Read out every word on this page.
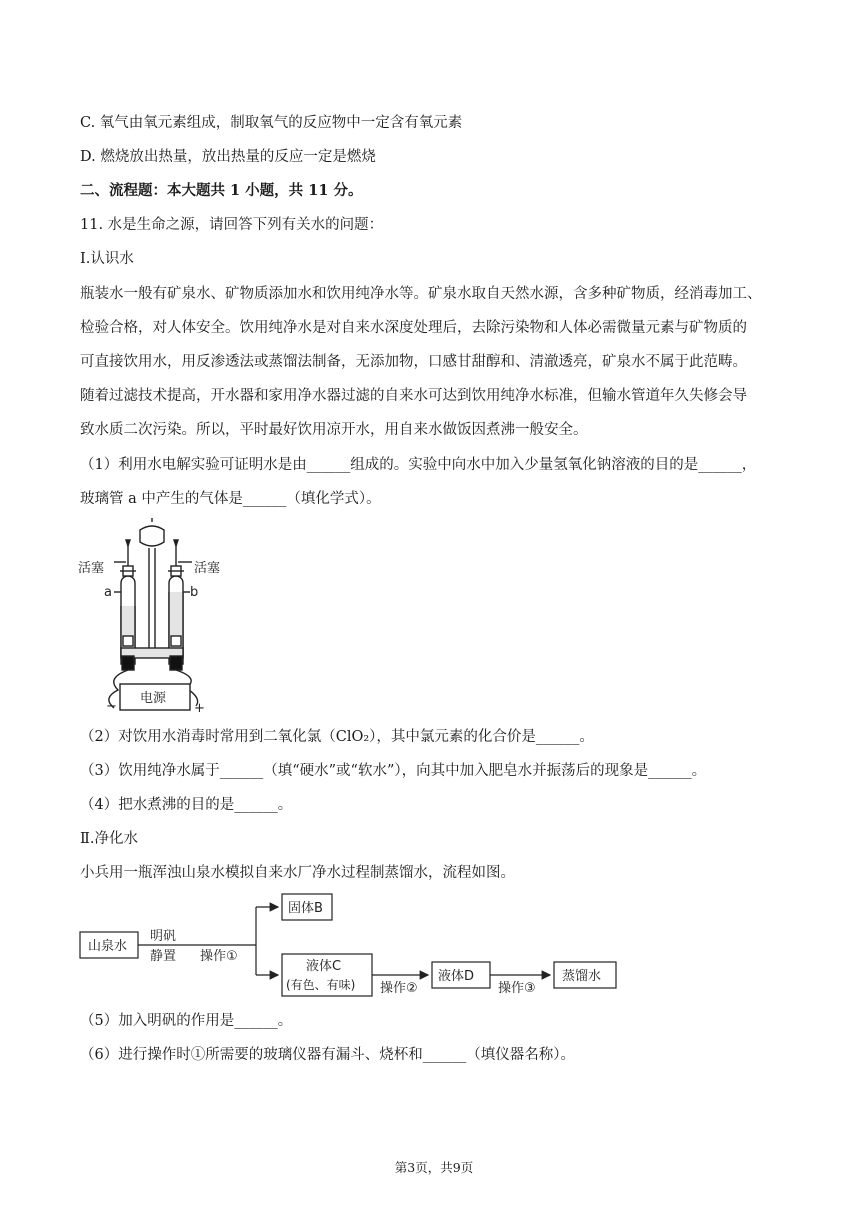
C. 氧气由氧元素组成，制取氧气的反应物中一定含有氧元素
D. 燃烧放出热量，放出热量的反应一定是燃烧
二、流程题：本大题共 1 小题，共 11 分。
11. 水是生命之源，请回答下列有关水的问题：
Ⅰ.认识水
瓶装水一般有矿泉水、矿物质添加水和饮用纯净水等。矿泉水取自天然水源，含多种矿物质，经消毒加工、
检验合格，对人体安全。饮用纯净水是对自来水深度处理后，去除污染物和人体必需微量元素与矿物质的
可直接饮用水，用反渗透法或蒸馏法制备，无添加物，口感甘甜醇和、清澈透亮，矿泉水不属于此范畴。
随着过滤技术提高，开水器和家用净水器过滤的自来水可达到饮用纯净水标准，但输水管道年久失修会导
致水质二次污染。所以，平时最好饮用凉开水，用自来水做饭因煮沸一般安全。
（1）利用水电解实验可证明水是由______组成的。实验中向水中加入少量氢氧化钠溶液的目的是______，
玻璃管 a 中产生的气体是______（填化学式）。
活塞	活塞
a	b
电源
−	+
（2）对饮用水消毒时常用到二氧化氯（ClO₂），其中氯元素的化合价是______。
（3）饮用纯净水属于______（填“硬水”或“软水”），向其中加入肥皂水并振荡后的现象是______。
（4）把水煮沸的目的是______。
Ⅱ.净化水
小兵用一瓶浑浊山泉水模拟自来水厂净水过程制蒸馏水，流程如图。
山泉水
明矾
静置 操作①
固体B
液体C
(有色、有味) 操作②
液体D
操作③
蒸馏水
（5）加入明矾的作用是______。
（6）进行操作时①所需要的玻璃仪器有漏斗、烧杯和______（填仪器名称）。
第3页，共9页
